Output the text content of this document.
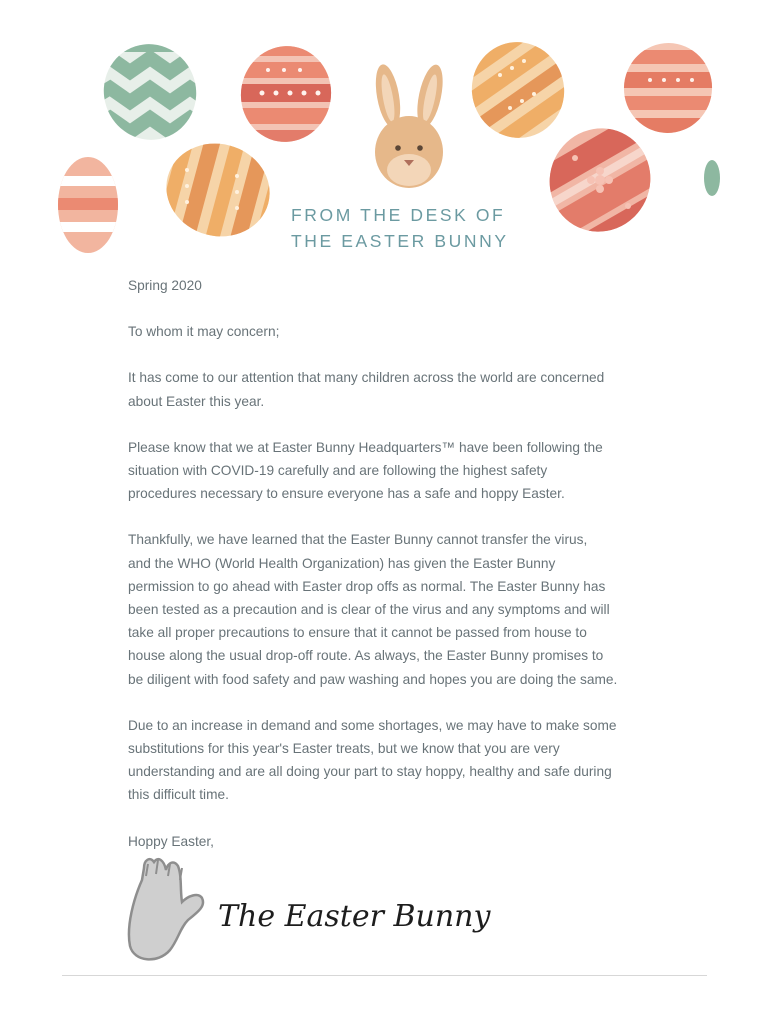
FROM THE DESK OF
THE EASTER BUNNY

Spring 2020

To whom it may concern;

It has come to our attention that many children across the world are concerned
about Easter this year.

Please know that we at Easter Bunny Headquarters™ have been following the
situation with COVID-19 carefully and are following the highest safety
procedures necessary to ensure everyone has a safe and hoppy Easter.

Thankfully, we have learned that the Easter Bunny cannot transfer the virus,
and the WHO (World Health Organization) has given the Easter Bunny
permission to go ahead with Easter drop offs as normal. The Easter Bunny has
been tested as a precaution and is clear of the virus and any symptoms and will
take all proper precautions to ensure that it cannot be passed from house to
house along the usual drop-off route. As always, the Easter Bunny promises to
be diligent with food safety and paw washing and hopes you are doing the same.

Due to an increase in demand and some shortages, we may have to make some
substitutions for this year's Easter treats, but we know that you are very
understanding and are all doing your part to stay hoppy, healthy and safe during
this difficult time.

Hoppy Easter,

The Easter Bunny
